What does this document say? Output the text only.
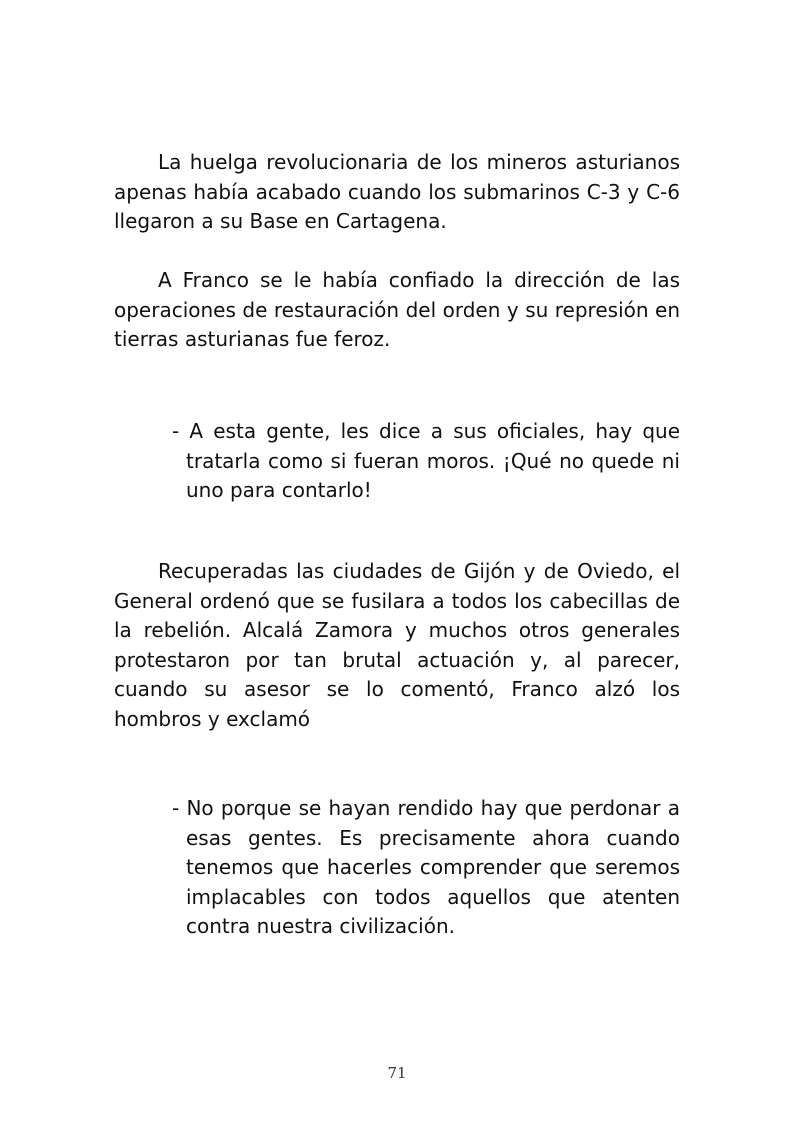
La huelga revolucionaria de los mineros asturianos apenas había acabado cuando los submarinos C-3 y C-6 llegaron a su Base en Cartagena.

A Franco se le había confiado la dirección de las operaciones de restauración del orden y su represión en tierras asturianas fue feroz.

- A esta gente, les dice a sus oficiales, hay que tratarla como si fueran moros. ¡Qué no quede ni uno para contarlo!

Recuperadas las ciudades de Gijón y de Oviedo, el General ordenó que se fusilara a todos los cabecillas de la rebelión. Alcalá Zamora y muchos otros generales protestaron por tan brutal actuación y, al parecer, cuando su asesor se lo comentó, Franco alzó los hombros y exclamó

- No porque se hayan rendido hay que perdonar a esas gentes. Es precisamente ahora cuando tenemos que hacerles comprender que seremos implacables con todos aquellos que atenten contra nuestra civilización.

71
